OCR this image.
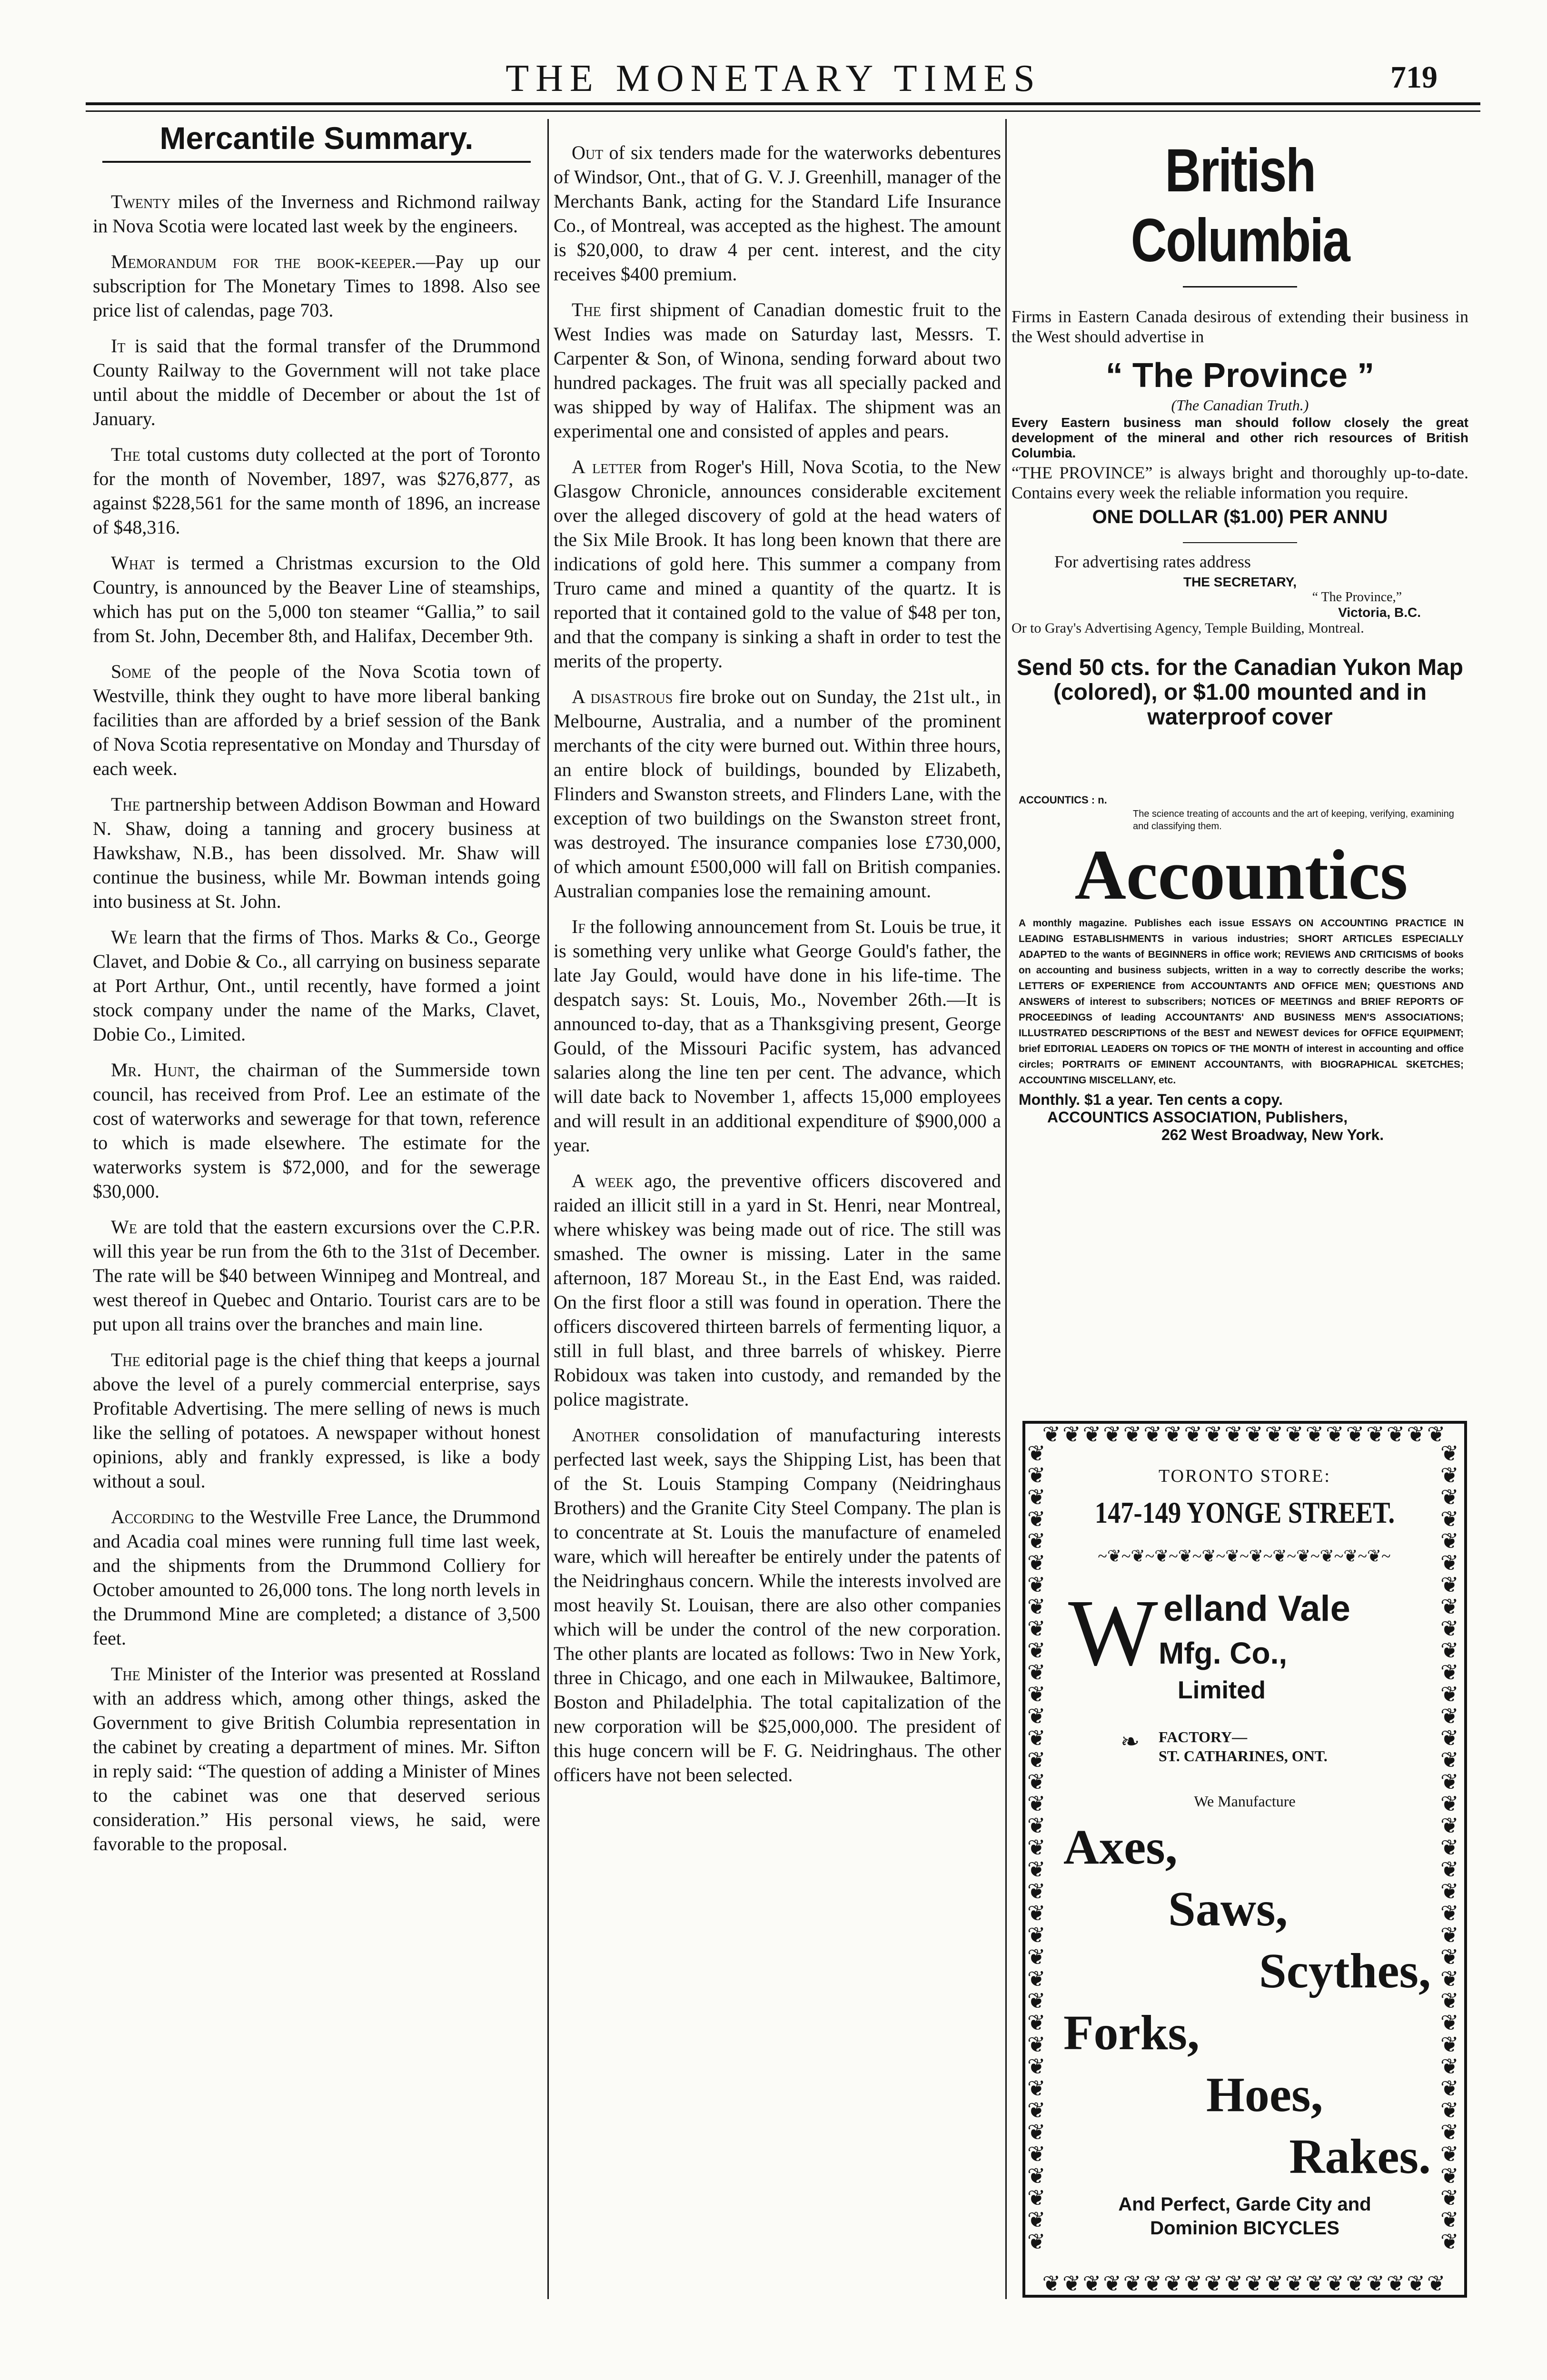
THE MONETARY TIMES	719
Mercantile Summary.

Twenty miles of the Inverness and Richmond railway in Nova Scotia were located last week by the engineers.

Memorandum for the book-keeper.—Pay up our subscription for The Monetary Times to 1898. Also see price list of calendas, page 703.

It is said that the formal transfer of the Drummond County Railway to the Government will not take place until about the middle of December or about the 1st of January.

The total customs duty collected at the port of Toronto for the month of November, 1897, was $276,877, as against $228,561 for the same month of 1896, an increase of $48,316.

What is termed a Christmas excursion to the Old Country, is announced by the Beaver Line of steamships, which has put on the 5,000 ton steamer “Gallia,” to sail from St. John, December 8th, and Halifax, December 9th.

Some of the people of the Nova Scotia town of Westville, think they ought to have more liberal banking facilities than are afforded by a brief session of the Bank of Nova Scotia representative on Monday and Thursday of each week.

The partnership between Addison Bowman and Howard N. Shaw, doing a tanning and grocery business at Hawkshaw, N.B., has been dissolved. Mr. Shaw will continue the business, while Mr. Bowman intends going into business at St. John.

We learn that the firms of Thos. Marks & Co., George Clavet, and Dobie & Co., all carrying on business separate at Port Arthur, Ont., until recently, have formed a joint stock company under the name of the Marks, Clavet, Dobie Co., Limited.

Mr. Hunt, the chairman of the Summerside town council, has received from Prof. Lee an estimate of the cost of waterworks and sewerage for that town, reference to which is made elsewhere. The estimate for the waterworks system is $72,000, and for the sewerage $30,000.

We are told that the eastern excursions over the C.P.R. will this year be run from the 6th to the 31st of December. The rate will be $40 between Winnipeg and Montreal, and west thereof in Quebec and Ontario. Tourist cars are to be put upon all trains over the branches and main line.

The editorial page is the chief thing that keeps a journal above the level of a purely commercial enterprise, says Profitable Advertising. The mere selling of news is much like the selling of potatoes. A newspaper without honest opinions, ably and frankly expressed, is like a body without a soul.

According to the Westville Free Lance, the Drummond and Acadia coal mines were running full time last week, and the shipments from the Drummond Colliery for October amounted to 26,000 tons. The long north levels in the Drummond Mine are completed; a distance of 3,500 feet.

The Minister of the Interior was presented at Rossland with an address which, among other things, asked the Government to give British Columbia representation in the cabinet by creating a department of mines. Mr. Sifton in reply said: “The question of adding a Minister of Mines to the cabinet was one that deserved serious consideration.” His personal views, he said, were favorable to the proposal.

Out of six tenders made for the waterworks debentures of Windsor, Ont., that of G. V. J. Greenhill, manager of the Merchants Bank, acting for the Standard Life Insurance Co., of Montreal, was accepted as the highest. The amount is $20,000, to draw 4 per cent. interest, and the city receives $400 premium.

The first shipment of Canadian domestic fruit to the West Indies was made on Saturday last, Messrs. T. Carpenter & Son, of Winona, sending forward about two hundred packages. The fruit was all specially packed and was shipped by way of Halifax. The shipment was an experimental one and consisted of apples and pears.

A letter from Roger's Hill, Nova Scotia, to the New Glasgow Chronicle, announces considerable excitement over the alleged discovery of gold at the head waters of the Six Mile Brook. It has long been known that there are indications of gold here. This summer a company from Truro came and mined a quantity of the quartz. It is reported that it contained gold to the value of $48 per ton, and that the company is sinking a shaft in order to test the merits of the property.

A disastrous fire broke out on Sunday, the 21st ult., in Melbourne, Australia, and a number of the prominent merchants of the city were burned out. Within three hours, an entire block of buildings, bounded by Elizabeth, Flinders and Swanston streets, and Flinders Lane, with the exception of two buildings on the Swanston street front, was destroyed. The insurance companies lose £730,000, of which amount £500,000 will fall on British companies. Australian companies lose the remaining amount.

If the following announcement from St. Louis be true, it is something very unlike what George Gould's father, the late Jay Gould, would have done in his life-time. The despatch says: St. Louis, Mo., November 26th.—It is announced to-day, that as a Thanksgiving present, George Gould, of the Missouri Pacific system, has advanced salaries along the line ten per cent. The advance, which will date back to November 1, affects 15,000 employees and will result in an additional expenditure of $900,000 a year.

A week ago, the preventive officers discovered and raided an illicit still in a yard in St. Henri, near Montreal, where whiskey was being made out of rice. The still was smashed. The owner is missing. Later in the same afternoon, 187 Moreau St., in the East End, was raided. On the first floor a still was found in operation. There the officers discovered thirteen barrels of fermenting liquor, a still in full blast, and three barrels of whiskey. Pierre Robidoux was taken into custody, and remanded by the police magistrate.

Another consolidation of manufacturing interests perfected last week, says the Shipping List, has been that of the St. Louis Stamping Company (Neidringhaus Brothers) and the Granite City Steel Company. The plan is to concentrate at St. Louis the manufacture of enameled ware, which will hereafter be entirely under the patents of the Neidringhaus concern. While the interests involved are most heavily St. Louisan, there are also other companies which will be under the control of the new corporation. The other plants are located as follows: Two in New York, three in Chicago, and one each in Milwaukee, Baltimore, Boston and Philadelphia. The total capitalization of the new corporation will be $25,000,000. The president of this huge concern will be F. G. Neidringhaus. The other officers have not been selected.

British Columbia
Firms in Eastern Canada desirous of extending their business in the West should advertise in
“ The Province ”
(The Canadian Truth.)
Every Eastern business man should follow closely the great development of the mineral and other rich resources of British Columbia.
“THE PROVINCE” is always bright and thoroughly up-to-date. Contains every week the reliable information you require.
ONE DOLLAR ($1.00) PER ANNU
For advertising rates address
THE SECRETARY,
“ The Province,”
Victoria, B.C.
Or to Gray's Advertising Agency, Temple Building, Montreal.
Send 50 cts. for the Canadian Yukon Map (colored), or $1.00 mounted and in waterproof cover
ACCOUNTICS : n.
The science treating of accounts and the art of keeping, verifying, examining and classifying them.
Accountics
A monthly magazine. Publishes each issue ESSAYS ON ACCOUNTING PRACTICE IN LEADING ESTABLISHMENTS in various industries; SHORT ARTICLES ESPECIALLY ADAPTED to the wants of BEGINNERS in office work; REVIEWS AND CRITICISMS of books on accounting and business subjects, written in a way to correctly describe the works; LETTERS OF EXPERIENCE from ACCOUNTANTS AND OFFICE MEN; QUESTIONS AND ANSWERS of interest to subscribers; NOTICES OF MEETINGS and BRIEF REPORTS OF PROCEEDINGS of leading ACCOUNTANTS' AND BUSINESS MEN'S ASSOCIATIONS; ILLUSTRATED DESCRIPTIONS of the BEST and NEWEST devices for OFFICE EQUIPMENT; brief EDITORIAL LEADERS ON TOPICS OF THE MONTH of interest in accounting and office circles; PORTRAITS OF EMINENT ACCOUNTANTS, with BIOGRAPHICAL SKETCHES; ACCOUNTING MISCELLANY, etc.
Monthly. $1 a year. Ten cents a copy.
ACCOUNTICS ASSOCIATION, Publishers,
262 West Broadway, New York.
❦❦❦❦❦❦❦❦❦❦❦❦❦❦❦❦❦❦❦❦
❦❦❦❦❦❦❦❦❦❦❦❦❦❦❦❦❦❦❦❦❦❦❦❦❦❦❦❦❦❦❦❦❦❦❦❦❦
❦❦❦❦❦❦❦❦❦❦❦❦❦❦❦❦❦❦❦❦❦❦❦❦❦❦❦❦❦❦❦❦❦❦❦❦❦
❦❦❦❦❦❦❦❦❦❦❦❦❦❦❦❦❦❦❦❦
TORONTO STORE:
147-149 YONGE STREET.
~❦~❦~❦~❦~❦~❦~❦~❦~❦~❦~❦~❦~
W elland Vale
Mfg. Co.,
Limited
❧ FACTORY—
ST. CATHARINES, ONT.
We Manufacture
Axes,
Saws,
Scythes,
Forks,
Hoes,
Rakes.
And Perfect, Garde City and
Dominion BICYCLES
